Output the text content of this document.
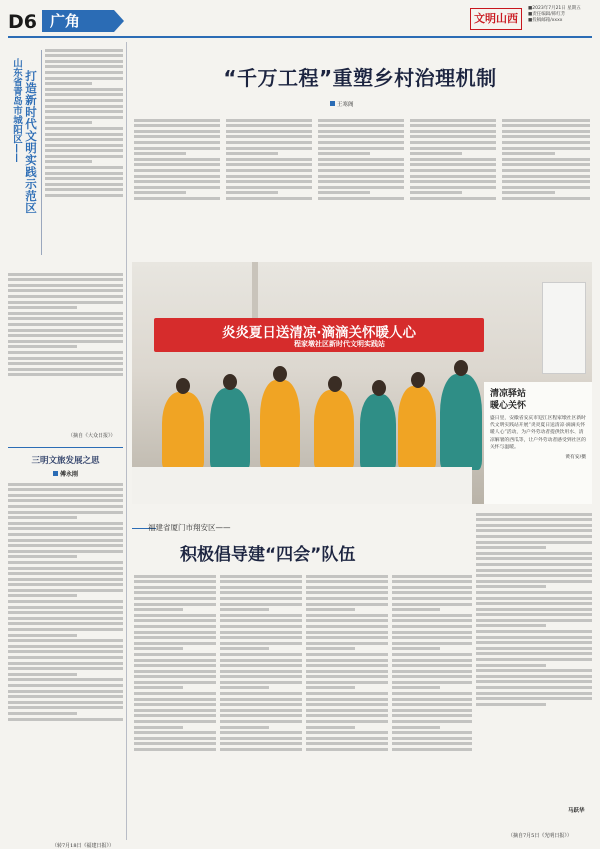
D6 广角	文明山西
■2023年7月21日 星期五
■责任编辑/韩红芳
■投稿邮箱/xxxx
山东省青岛市城阳区—— 打造新时代文明实践示范区
（摘自《大众日报》）
三明文旅发展之思
傅永刚
（转7月18日《福建日报》）
“千万工程”重塑乡村治理机制
王寒阁
炎炎夏日送清凉·滴滴关怀暖人心
程家墩社区新时代文明实践站
清凉驿站
暖心关怀
盛日里，安徽省安庆市迎江区程家墩社区新时代文明实践站开展“炎炎夏日送清凉·滴滴关怀暖人心”活动，为户外劳动者提供饮用水、清凉解暑的西瓜等，让户外劳动者感受到社区的关怀与温暖。
黄有安/摄
福建省厦门市翔安区——
积极倡导建“四会”队伍
马跃华
（摘自7月5日《光明日报》）
